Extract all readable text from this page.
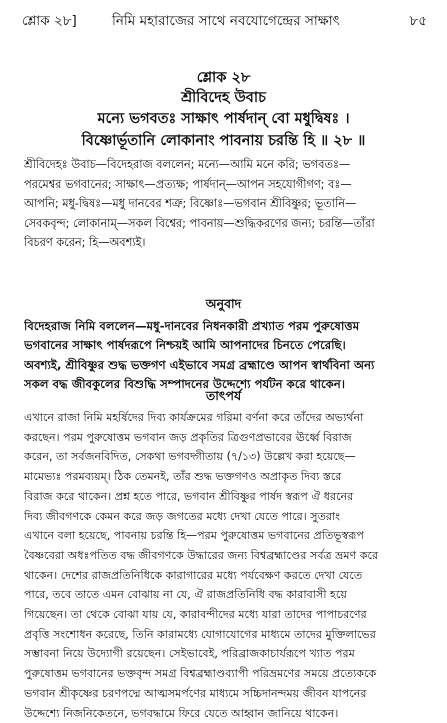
শ্লোক ২৮]	নিমি মহারাজের সাথে নবযোগেন্দ্রের সাক্ষাৎ	৮৫
শ্লোক ২৮
শ্রীবিদেহ উবাচ
মন্যে ভগবতঃ সাক্ষাৎ পার্ষদান্ বো মধুদ্বিষঃ ।
বিষ্ণোর্ভূতানি লোকানাং পাবনায় চরন্তি হি ॥ ২৮ ॥
শ্রীবিদেহঃ উবাচ—বিদেহরাজ বললেন; মন্যে—আমি মনে করি; ভগবতঃ—
পরমেশ্বর ভগবানের; সাক্ষাৎ—প্রত্যক্ষ; পার্ষদান্—আপন সহযোগীগণ; বঃ—
আপনি; মধু-দ্বিষঃ—মধু দানবের শত্রু; বিষ্ণোঃ—ভগবান শ্রীবিষ্ণুর; ভূতানি—
সেবকবৃন্দ; লোকানাম্—সকল বিশ্বের; পাবনায়—শুদ্ধিকরণের জন্য; চরন্তি—তাঁরা
বিচরণ করেন; হি—অবশ্যই।
অনুবাদ
বিদেহরাজ নিমি বললেন—মধু-দানবের নিধনকারী প্রখ্যাত পরম পুরুষোত্তম
ভগবানের সাক্ষাৎ পার্ষদরূপে নিশ্চয়ই আমি আপনাদের চিনতে পেরেছি।
অবশ্যই, শ্রীবিষ্ণুর শুদ্ধ ভক্তগণ এইভাবে সমগ্র ব্রহ্মাণ্ডে আপন স্বার্থবিনা অন্য
সকল বদ্ধ জীবকুলের বিশুদ্ধি সম্পাদনের উদ্দেশ্যে পর্যটন করে থাকেন।
তাৎপর্য
এখানে রাজা নিমি মহর্ষিদের দিব্য কার্যক্রমের গরিমা বর্ণনা করে তাঁদের অভ্যর্থনা
করছেন। পরম পুরুষোত্তম ভগবান জড় প্রকৃতির ত্রিগুণপ্রভাবের ঊর্ধ্বে বিরাজ
করেন, তা সর্বজনবিদিত, সেকথা ভগবদ্গীতায় (৭/১৩) উল্লেখ করা হয়েছে—
মামেভ্যঃ পরমব্যয়ম্। ঠিক তেমনই, তাঁর শুদ্ধ ভক্তগণও অপ্রাকৃত দিব্য স্তরে
বিরাজ করে থাকেন। প্রশ্ন হতে পারে, ভগবান শ্রীবিষ্ণুর পার্ষদ স্বরূপ ঐ ধরনের
দিব্য জীবগণকে কেমন করে জড় জগতের মধ্যে দেখা যেতে পারে। সুতরাং
এখানে বলা হয়েছে, পাবনায় চরন্তি হি—পরম পুরুষোত্তম ভগবানের প্রতিভূস্বরূপ
বৈষ্ণবেরা অধঃপতিত বদ্ধ জীবগণকে উদ্ধারের জন্য বিশ্বব্রহ্মাণ্ডের সর্বত্র ভ্রমণ করে
থাকেন। দেশের রাজপ্রতিনিধিকে কারাগারের মধ্যে পর্যবেক্ষণ করতে দেখা যেতে
পারে, তবে তাতে এমন বোঝায় না যে, ঐ রাজপ্রতিনিধি বদ্ধ কারাবাসী হয়ে
গিয়েছেন। তা থেকে বোঝা যায় যে, কারাবন্দীদের মধ্যে যারা তাদের পাপাচরণের
প্রবৃত্তি সংশোধন করেছে, তিনি কারামধ্যে যোগাযোগের মাধ্যমে তাদের মুক্তিলাভের
সম্ভাবনা নিয়ে উদ্যোগী রয়েছেন। সেইভাবেই, পরিব্রাজকাচার্যরূপে খ্যাত পরম
পুরুষোত্তম ভগবানের ভক্তবৃন্দ সমগ্র বিশ্বব্রহ্মাণ্ডব্যাপী পরিভ্রমণের সময়ে প্রত্যেককে
ভগবান শ্রীকৃষ্ণের চরণপদ্মে আত্মসমর্পণের মাধ্যমে সচ্চিদানন্দময় জীবন যাপনের
উদ্দেশ্যে নিজনিকেতনে, ভগবদ্ধামে ফিরে যেতে আহ্বান জানিয়ে থাকেন।
